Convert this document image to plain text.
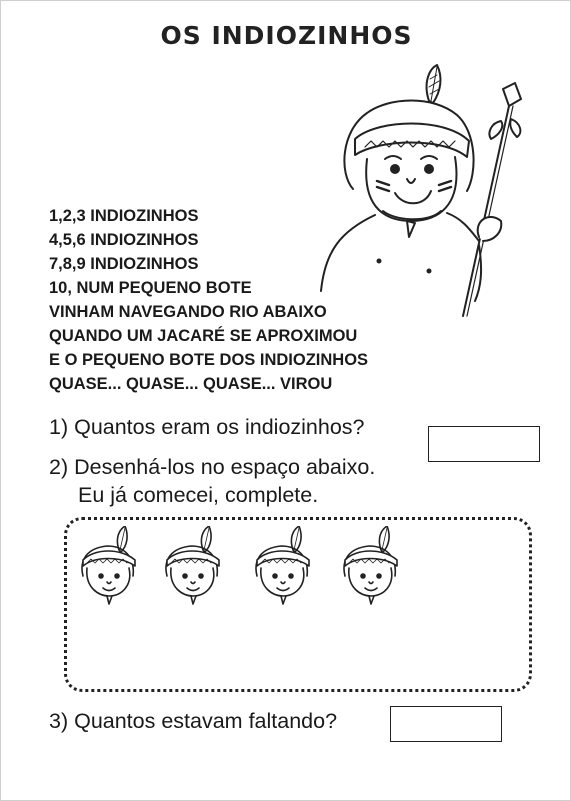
OS INDIOZINHOS
1,2,3 INDIOZINHOS
4,5,6 INDIOZINHOS
7,8,9 INDIOZINHOS
10, NUM PEQUENO BOTE
VINHAM NAVEGANDO RIO ABAIXO
QUANDO UM JACARÉ SE APROXIMOU
E O PEQUENO BOTE DOS INDIOZINHOS
QUASE... QUASE... QUASE... VIROU
1) Quantos eram os indiozinhos?
2) Desenhá-los no espaço abaixo.
Eu já comecei, complete.
3) Quantos estavam faltando?
